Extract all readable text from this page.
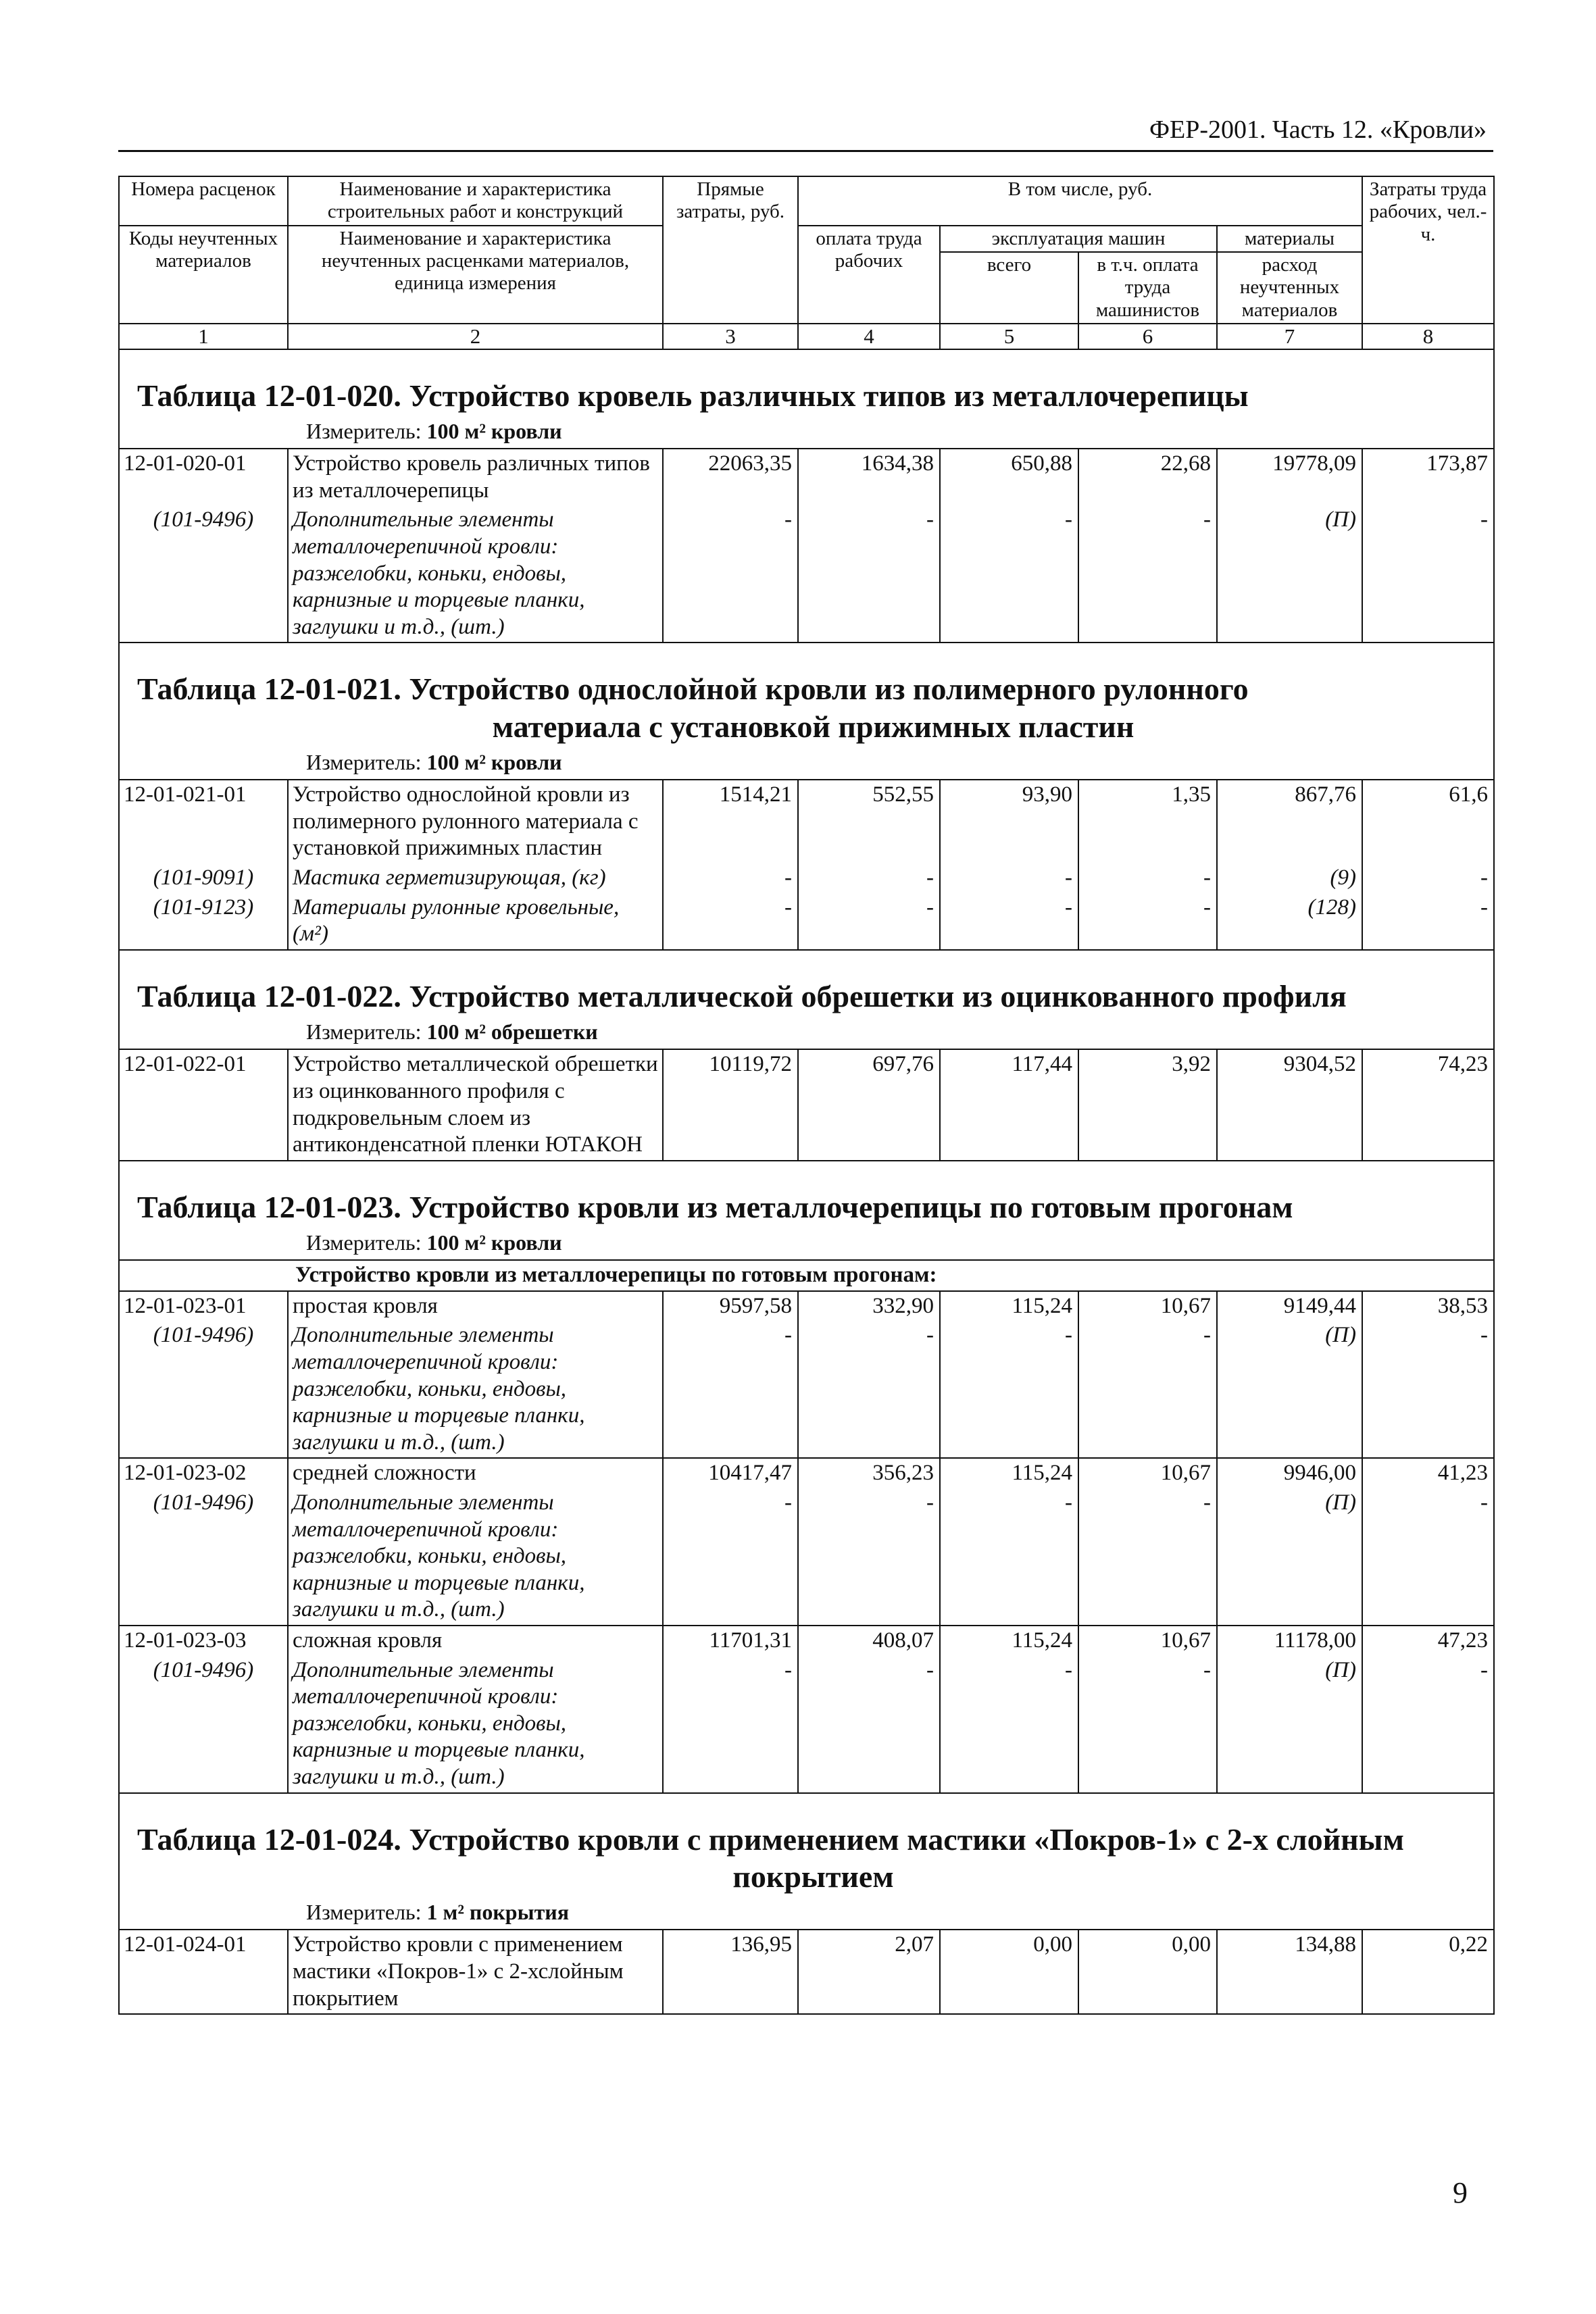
ФЕР-2001. Часть 12. «Кровли»
Номера расценок	Наименование и характеристика строительных работ и конструкций	Прямые затраты, руб.	В том числе, руб.				Затраты труда рабочих, чел.-ч.
Коды неучтенных материалов	Наименование и характеристика неучтенных расценками материалов, единица измерения		оплата труда рабочих	эксплуатация машин		материалы	
				всего	в т.ч. оплата труда машинистов	расход неучтенных материалов	
1	2	3	4	5	6	7	8

Таблица 12-01-020. Устройство кровель различных типов из металлочерепицы
Измеритель: 100 м² кровли							

12-01-020-01	Устройство кровель различных типов из металлочерепицы	22063,35	1634,38	650,88	22,68	19778,09	173,87
(101-9496)	Дополнительные элементы металлочерепичной кровли: разжелобки, коньки, ендовы, карнизные и торцевые планки, заглушки и т.д., (шт.)	-	-	-	-	(П)	-

Таблица 12-01-021. Устройство однослойной кровли из полимерного рулонного
материала с установкой прижимных пластин
Измеритель: 100 м² кровли							

12-01-021-01	Устройство однослойной кровли из полимерного рулонного материала с установкой прижимных пластин	1514,21	552,55	93,90	1,35	867,76	61,6
(101-9091)	Мастика герметизирующая, (кг)	-	-	-	-	(9)	-
(101-9123)	Материалы рулонные кровельные, (м²)	-	-	-	-	(128)	-

Таблица 12-01-022. Устройство металлической обрешетки из оцинкованного профиля
Измеритель: 100 м² обрешетки							

12-01-022-01	Устройство металлической обрешетки из оцинкованного профиля с подкровельным слоем из антиконденсатной пленки ЮТАКОН	10119,72	697,76	117,44	3,92	9304,52	74,23

Таблица 12-01-023. Устройство кровли из металлочерепицы по готовым прогонам
Измеритель: 100 м² кровли							

Устройство кровли из металлочерепицы по готовым прогонам:							
12-01-023-01	простая кровля	9597,58	332,90	115,24	10,67	9149,44	38,53
(101-9496)	Дополнительные элементы металлочерепичной кровли: разжелобки, коньки, ендовы, карнизные и торцевые планки, заглушки и т.д., (шт.)	-	-	-	-	(П)	-
12-01-023-02	средней сложности	10417,47	356,23	115,24	10,67	9946,00	41,23
(101-9496)	Дополнительные элементы металлочерепичной кровли: разжелобки, коньки, ендовы, карнизные и торцевые планки, заглушки и т.д., (шт.)	-	-	-	-	(П)	-
12-01-023-03	сложная кровля	11701,31	408,07	115,24	10,67	11178,00	47,23
(101-9496)	Дополнительные элементы металлочерепичной кровли: разжелобки, коньки, ендовы, карнизные и торцевые планки, заглушки и т.д., (шт.)	-	-	-	-	(П)	-

Таблица 12-01-024. Устройство кровли с применением мастики «Покров-1» с 2-х слойным
покрытием
Измеритель: 1 м² покрытия							

12-01-024-01	Устройство кровли с применением мастики «Покров-1» с 2-хслойным покрытием	136,95	2,07	0,00	0,00	134,88	0,22
9
